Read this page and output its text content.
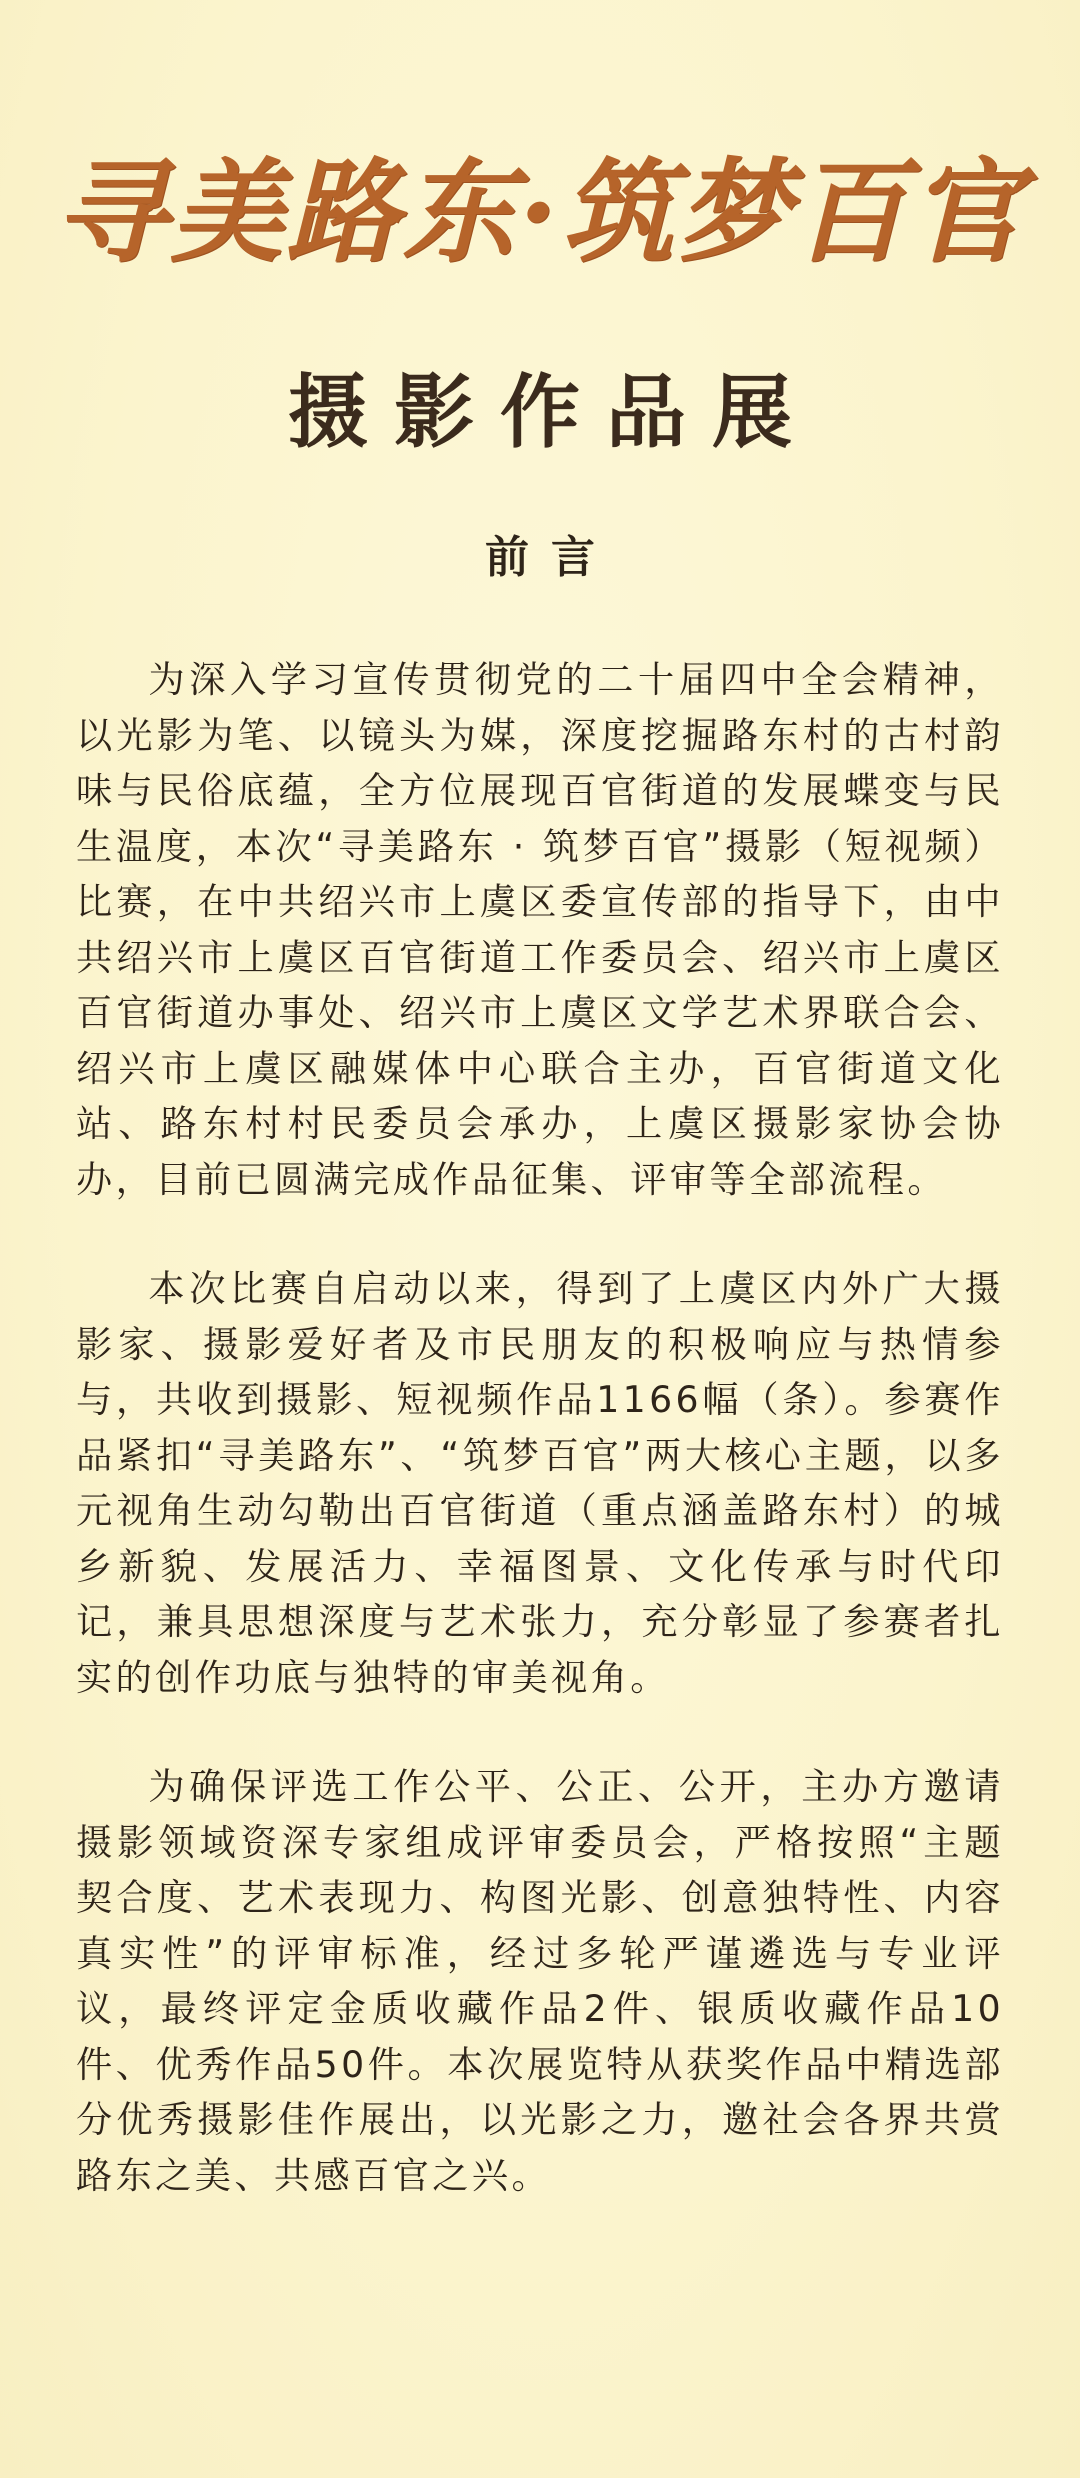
寻美路东·筑梦百官
摄影作品展
前言

为深入学习宣传贯彻党的二十届四中全会精神，以光影为笔、以镜头为媒，深度挖掘路东村的古村韵味与民俗底蕴，全方位展现百官街道的发展蝶变与民生温度，本次“寻美路东 · 筑梦百官”摄影（短视频）比赛，在中共绍兴市上虞区委宣传部的指导下，由中共绍兴市上虞区百官街道工作委员会、绍兴市上虞区百官街道办事处、绍兴市上虞区文学艺术界联合会、绍兴市上虞区融媒体中心联合主办，百官街道文化站、路东村村民委员会承办，上虞区摄影家协会协办，目前已圆满完成作品征集、评审等全部流程。

本次比赛自启动以来，得到了上虞区内外广大摄影家、摄影爱好者及市民朋友的积极响应与热情参与，共收到摄影、短视频作品1166幅（条）。参赛作品紧扣“寻美路东”、“筑梦百官”两大核心主题，以多元视角生动勾勒出百官街道（重点涵盖路东村）的城乡新貌、发展活力、幸福图景、文化传承与时代印记，兼具思想深度与艺术张力，充分彰显了参赛者扎实的创作功底与独特的审美视角。

为确保评选工作公平、公正、公开，主办方邀请摄影领域资深专家组成评审委员会，严格按照“主题契合度、艺术表现力、构图光影、创意独特性、内容真实性”的评审标准，经过多轮严谨遴选与专业评议，最终评定金质收藏作品2件、银质收藏作品10件、优秀作品50件。本次展览特从获奖作品中精选部分优秀摄影佳作展出，以光影之力，邀社会各界共赏路东之美、共感百官之兴。
